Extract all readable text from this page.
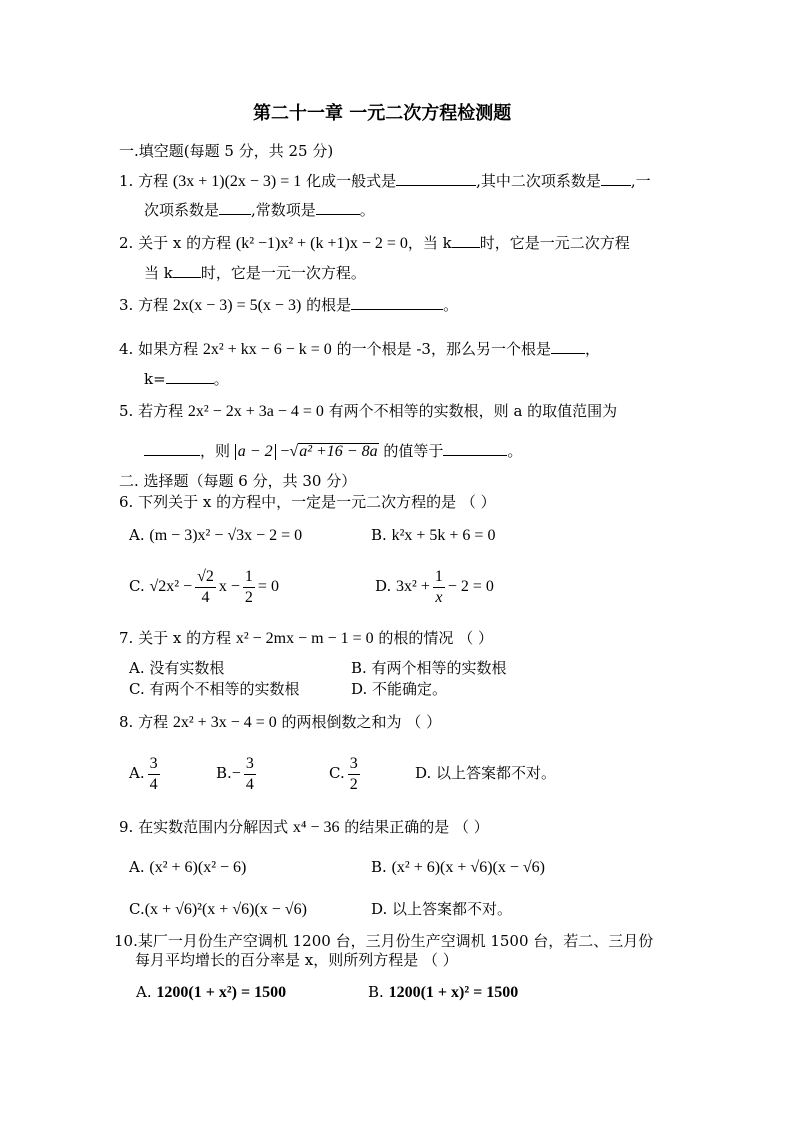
第二十一章 一元二次方程检测题
一.填空题(每题 5 分，共 25 分)
1. 方程 (3x + 1)(2x − 3) = 1 化成一般式是	,其中二次项系数是 ,一
次项系数是 ,常数项是	。
2. 关于 x 的方程 (k² −1)x² + (k +1)x − 2 = 0，当 k 时，它是一元二次方程
当 k 时，它是一元一次方程。
3. 方程 2x(x − 3) = 5(x − 3) 的根是	。
4. 如果方程 2x² + kx − 6 − k = 0 的一个根是 -3，那么另一个根是 ，
k=	。
5. 若方程 2x² − 2x + 3a − 4 = 0 有两个不相等的实数根，则 a 的取值范围为
，则 a − 2 −√a² +16 − 8a 的值等于	。
二. 选择题（每题 6 分，共 30 分）
6. 下列关于 x 的方程中，一定是一元二次方程的是 （ ）
A. (m − 3)x² − √3x − 2 = 0	B. k²x + 5k + 6 = 0
C. $√2x^2 - \frac{√2}{4}$ $x - \frac{1}{2} = 0$	D. $3x^2 + \frac{1}{x} - 2 = 0$
7. 关于 x 的方程 x² − 2mx − m − 1 = 0 的根的情况 （ ）
A. 没有实数根	B. 有两个相等的实数根
C. 有两个不相等的实数根	D. 不能确定。
8. 方程 2x² + 3x − 4 = 0 的两根倒数之和为 （ ）
A. $\frac{3}{4}$	$B.- \frac{3}{4}$	C. $\frac{3}{2}$	D. 以上答案都不对。
9. 在实数范围内分解因式 x⁴ − 36 的结果正确的是 （ ）
A. (x² + 6)(x² − 6)	B. (x² + 6)(x + √6)(x − √6)
C.(x + √6)²(x + √6)(x − √6)	D. 以上答案都不对。
10.某厂一月份生产空调机 1200 台，三月份生产空调机 1500 台，若二、三月份
每月平均增长的百分率是 x，则所列方程是 （ ）
A. 1200(1 + x²) = 1500	B. 1200(1 + x)² = 1500
